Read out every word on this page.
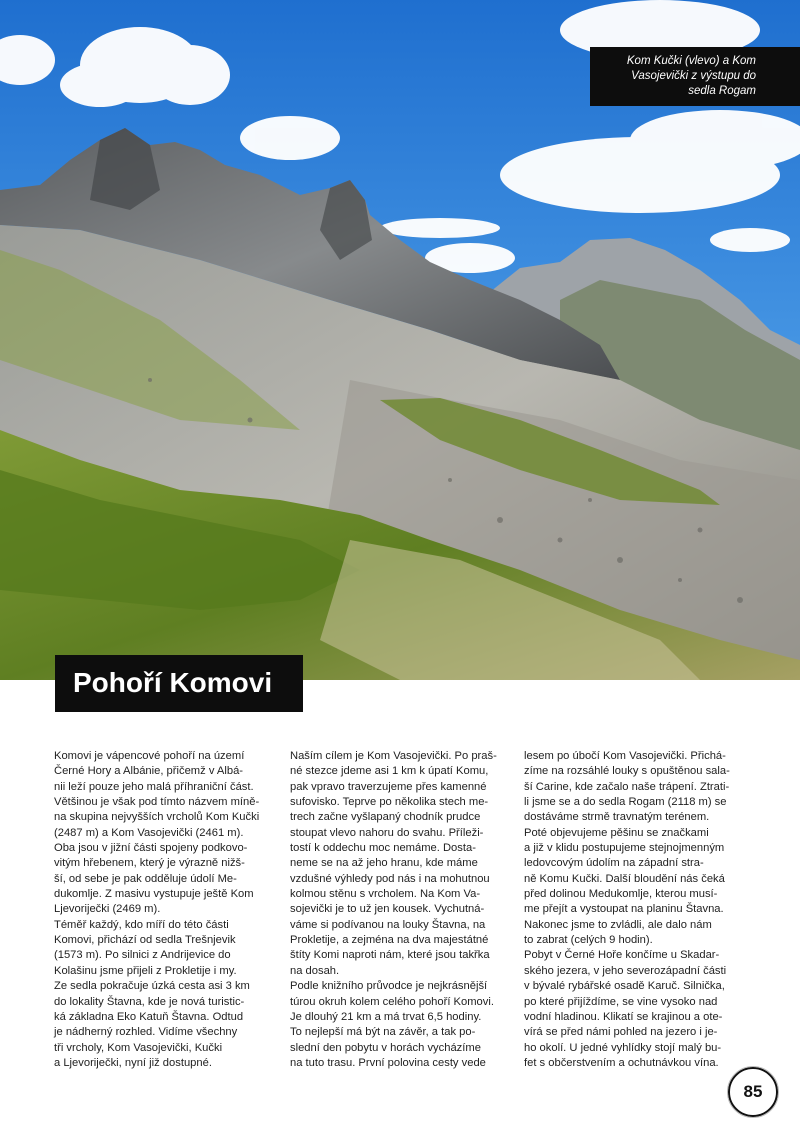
Kom Kučki (vlevo) a Kom
Vasojevički z výstupu do
sedla Rogam
Pohoří Komovi
Komovi je vápencové pohoří na území
Černé Hory a Albánie, přičemž v Albá-
nii leží pouze jeho malá příhraniční část.
Většinou je však pod tímto názvem míně-
na skupina nejvyšších vrcholů Kom Kučki
(2487 m) a Kom Vasojevički (2461 m).
Oba jsou v jižní části spojeny podkovo-
vitým hřebenem, který je výrazně nižš-
ší, od sebe je pak odděluje údolí Me-
dukomlje. Z masivu vystupuje ještě Kom
Ljevoriječki (2469 m).
Téměř každý, kdo míří do této části
Komovi, přichází od sedla Trešnjevik
(1573 m). Po silnici z Andrijevice do
Kolašinu jsme přijeli z Prokletije i my.
Ze sedla pokračuje úzká cesta asi 3 km
do lokality Štavna, kde je nová turistic-
ká základna Eko Katuň Štavna. Odtud
je nádherný rozhled. Vidíme všechny
tři vrcholy, Kom Vasojevički, Kučki
a Ljevoriječki, nyní již dostupné.
Naším cílem je Kom Vasojevički. Po praš-
né stezce jdeme asi 1 km k úpatí Komu,
pak vpravo traverzujeme přes kamenné
sufovisko. Teprve po několika stech me-
trech začne vyšlapaný chodník prudce
stoupat vlevo nahoru do svahu. Příleži-
tostí k oddechu moc nemáme. Dosta-
neme se na až jeho hranu, kde máme
vzdušné výhledy pod nás i na mohutnou
kolmou stěnu s vrcholem. Na Kom Va-
sojevički je to už jen kousek. Vychutná-
váme si podívanou na louky Štavna, na
Prokletije, a zejména na dva majestátné
štíty Komi naproti nám, které jsou takřka
na dosah.
Podle knižního průvodce je nejkrásnější
túrou okruh kolem celého pohoří Komovi.
Je dlouhý 21 km a má trvat 6,5 hodiny.
To nejlepší má být na závěr, a tak po-
slední den pobytu v horách vycházíme
na tuto trasu. První polovina cesty vede
lesem po úbočí Kom Vasojevički. Přichá-
zíme na rozsáhlé louky s opuštěnou sala-
ší Carine, kde začalo naše trápení. Ztrati-
li jsme se a do sedla Rogam (2118 m) se
dostáváme strmě travnatým terénem.
Poté objevujeme pěšinu se značkami
a již v klidu postupujeme stejnojmenným
ledovcovým údolím na západní stra-
ně Komu Kučki. Další bloudění nás čeká
před dolinou Medukomlje, kterou musí-
me přejít a vystoupat na planinu Štavna.
Nakonec jsme to zvládli, ale dalo nám
to zabrat (celých 9 hodin).
Pobyt v Černé Hoře končíme u Skadar-
ského jezera, v jeho severozápadní části
v bývalé rybářské osadě Karuč. Silnička,
po které přijíždíme, se vine vysoko nad
vodní hladinou. Klikatí se krajinou a ote-
vírá se před námi pohled na jezero i je-
ho okolí. U jedné vyhlídky stojí malý bu-
fet s občerstvením a ochutnávkou vína.
85
